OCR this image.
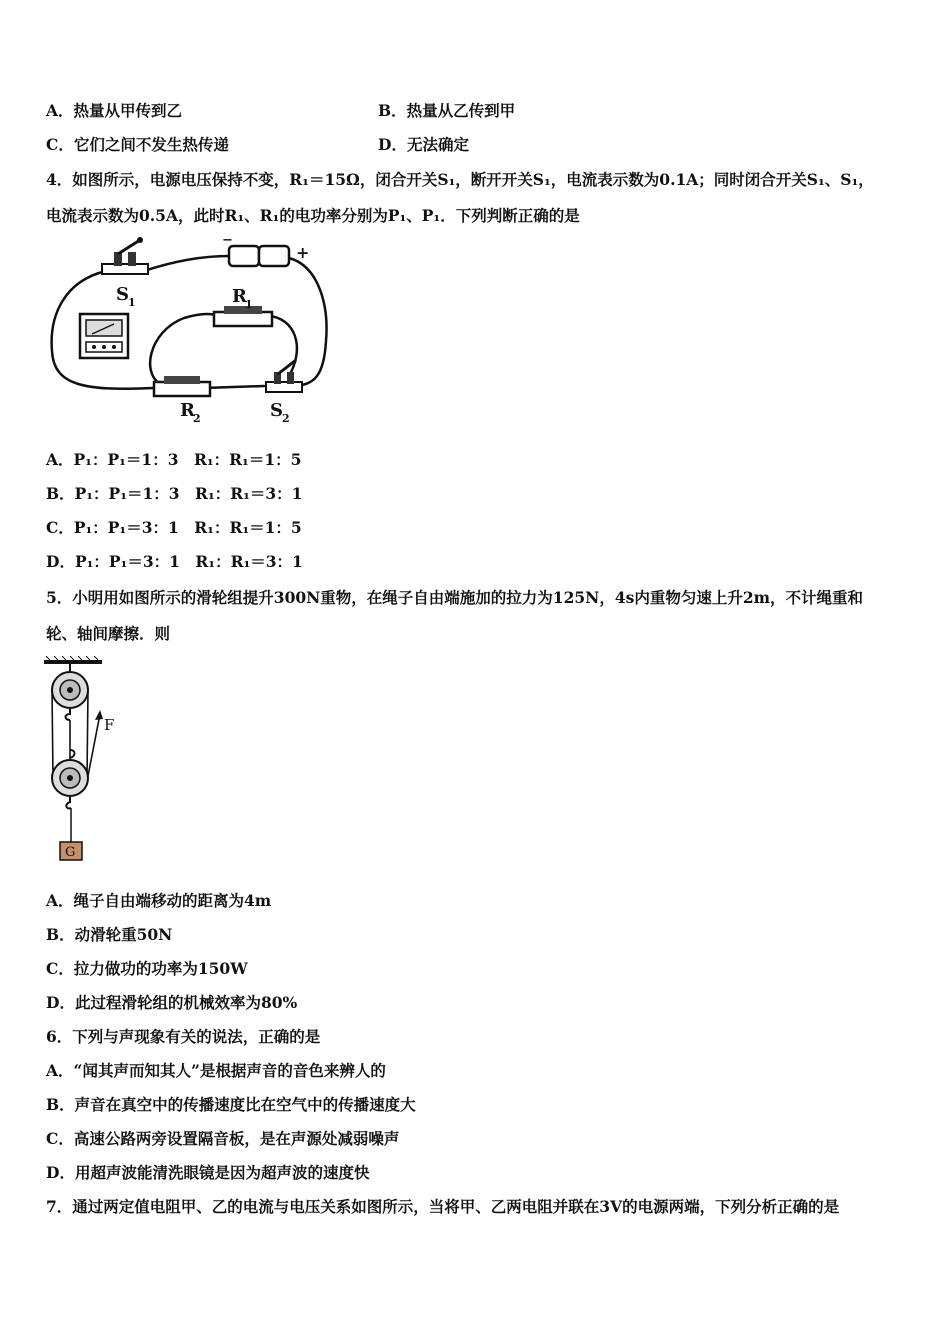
A．热量从甲传到乙	B．热量从乙传到甲
C．它们之间不发生热传递	D．无法确定
4．如图所示，电源电压保持不变，R₁＝15Ω，闭合开关S₁，断开开关S₁，电流表示数为0.1A；同时闭合开关S₁、S₁，
电流表示数为0.5A，此时R₁、R₁的电功率分别为P₁、P₁．下列判断正确的是
+
−
S 1	R
1
R
2	S 2
A．P₁：P₁＝1：3　R₁：R₁＝1：5
B．P₁：P₁＝1：3　R₁：R₁＝3：1
C．P₁：P₁＝3：1　R₁：R₁＝1：5
D．P₁：P₁＝3：1　R₁：R₁＝3：1
5．小明用如图所示的滑轮组提升300N重物，在绳子自由端施加的拉力为125N，4s内重物匀速上升2m，不计绳重和
轮、轴间摩擦．则
F
G
A．绳子自由端移动的距离为4m
B．动滑轮重50N
C．拉力做功的功率为150W
D．此过程滑轮组的机械效率为80%
6．下列与声现象有关的说法，正确的是
A．“闻其声而知其人”是根据声音的音色来辨人的
B．声音在真空中的传播速度比在空气中的传播速度大
C．高速公路两旁设置隔音板，是在声源处减弱噪声
D．用超声波能清洗眼镜是因为超声波的速度快
7．通过两定值电阻甲、乙的电流与电压关系如图所示，当将甲、乙两电阻并联在3V的电源两端，下列分析正确的是
